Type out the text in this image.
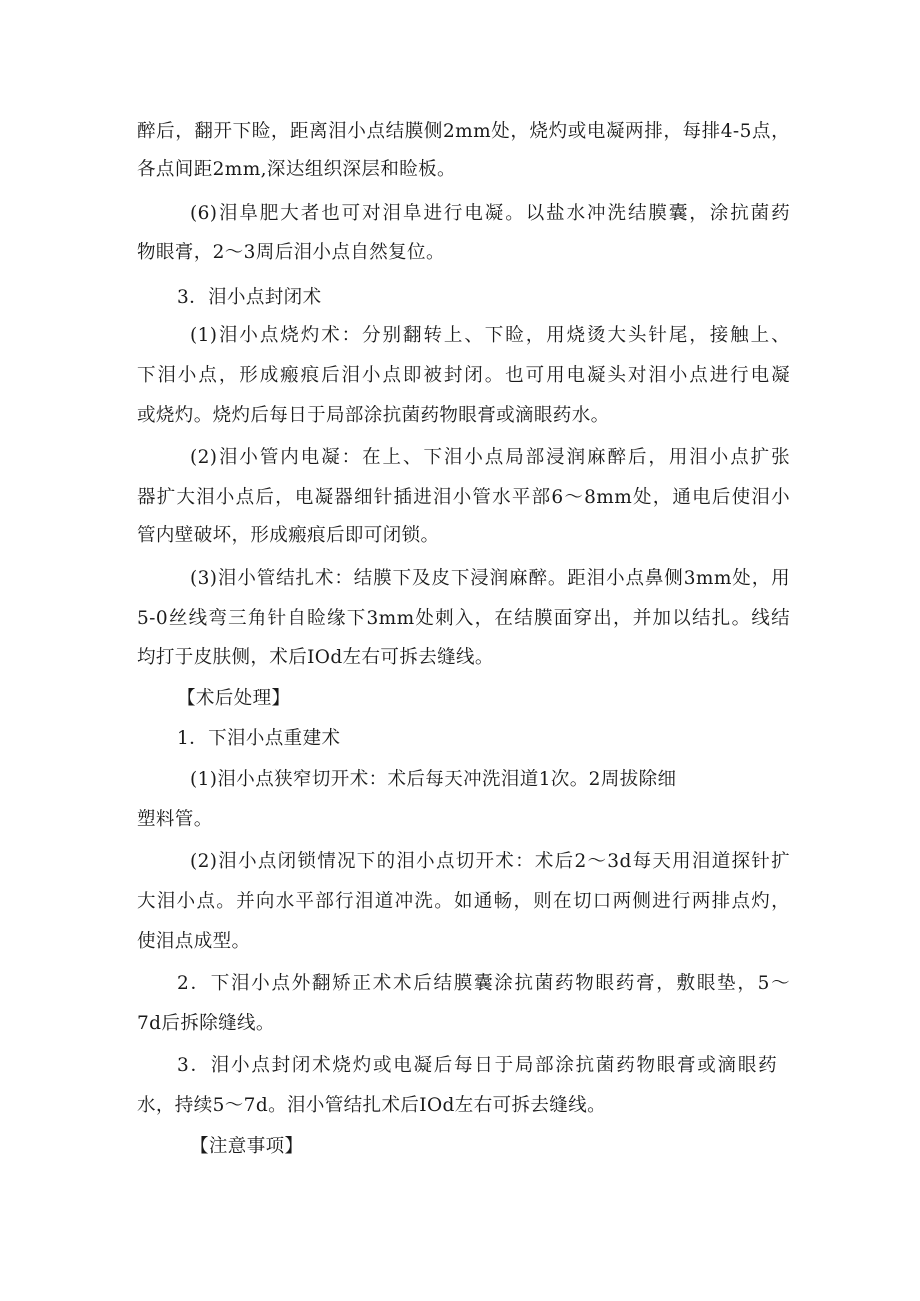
醉后，翻开下睑，距离泪小点结膜侧2mm处，烧灼或电凝两排，每排4-5点，
各点间距2mm,深达组织深层和睑板。
(6)泪阜肥大者也可对泪阜进行电凝。以盐水冲洗结膜囊，涂抗菌药
物眼膏，2～3周后泪小点自然复位。
3．泪小点封闭术
(1)泪小点烧灼术：分别翻转上、下睑，用烧烫大头针尾，接触上、
下泪小点，形成瘢痕后泪小点即被封闭。也可用电凝头对泪小点进行电凝
或烧灼。烧灼后每日于局部涂抗菌药物眼膏或滴眼药水。
(2)泪小管内电凝：在上、下泪小点局部浸润麻醉后，用泪小点扩张
器扩大泪小点后，电凝器细针插进泪小管水平部6～8mm处，通电后使泪小
管内壁破坏，形成瘢痕后即可闭锁。
(3)泪小管结扎术：结膜下及皮下浸润麻醉。距泪小点鼻侧3mm处，用
5-0丝线弯三角针自睑缘下3mm处刺入，在结膜面穿出，并加以结扎。线结
均打于皮肤侧，术后IOd左右可拆去缝线。
【术后处理】
1．下泪小点重建术
(1)泪小点狭窄切开术：术后每天冲洗泪道1次。2周拔除细
塑料管。
(2)泪小点闭锁情况下的泪小点切开术：术后2～3d每天用泪道探针扩
大泪小点。并向水平部行泪道冲洗。如通畅，则在切口两侧进行两排点灼，
使泪点成型。
2．下泪小点外翻矫正术术后结膜囊涂抗菌药物眼药膏，敷眼垫，5～
7d后拆除缝线。
3．泪小点封闭术烧灼或电凝后每日于局部涂抗菌药物眼膏或滴眼药
水，持续5～7d。泪小管结扎术后IOd左右可拆去缝线。
【注意事项】
